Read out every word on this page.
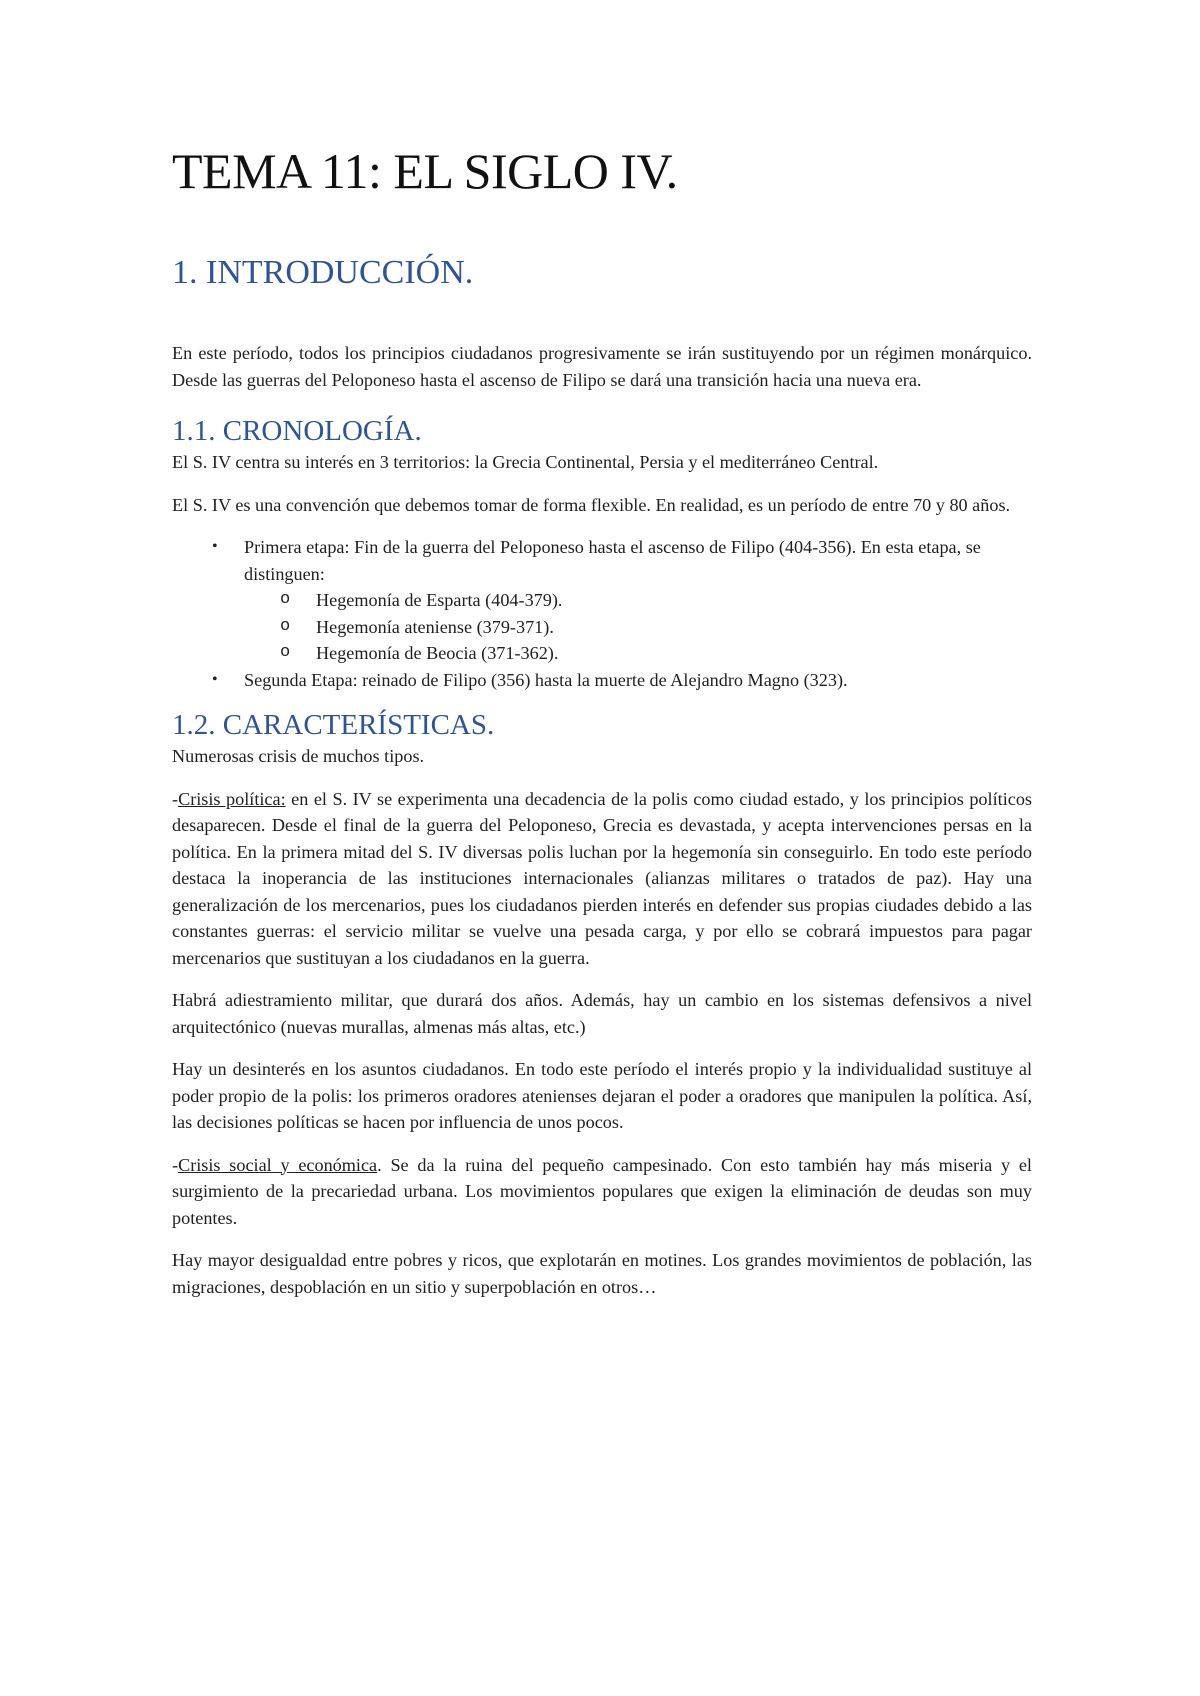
TEMA 11: EL SIGLO IV.
1. INTRODUCCIÓN.

En este período, todos los principios ciudadanos progresivamente se irán sustituyendo por un régimen monárquico. Desde las guerras del Peloponeso hasta el ascenso de Filipo se dará una transición hacia una nueva era.

1.1. CRONOLOGÍA.

El S. IV centra su interés en 3 territorios: la Grecia Continental, Persia y el mediterráneo Central.

El S. IV es una convención que debemos tomar de forma flexible. En realidad, es un período de entre 70 y 80 años.

• Primera etapa: Fin de la guerra del Peloponeso hasta el ascenso de Filipo (404-356). En esta etapa, se distinguen:
o Hegemonía de Esparta (404-379).
o Hegemonía ateniense (379-371).
o Hegemonía de Beocia (371-362).
• Segunda Etapa: reinado de Filipo (356) hasta la muerte de Alejandro Magno (323).
1.2. CARACTERÍSTICAS.

Numerosas crisis de muchos tipos.

-Crisis política: en el S. IV se experimenta una decadencia de la polis como ciudad estado, y los principios políticos desaparecen. Desde el final de la guerra del Peloponeso, Grecia es devastada, y acepta intervenciones persas en la política. En la primera mitad del S. IV diversas polis luchan por la hegemonía sin conseguirlo. En todo este período destaca la inoperancia de las instituciones internacionales (alianzas militares o tratados de paz). Hay una generalización de los mercenarios, pues los ciudadanos pierden interés en defender sus propias ciudades debido a las constantes guerras: el servicio militar se vuelve una pesada carga, y por ello se cobrará impuestos para pagar mercenarios que sustituyan a los ciudadanos en la guerra.

Habrá adiestramiento militar, que durará dos años. Además, hay un cambio en los sistemas defensivos a nivel arquitectónico (nuevas murallas, almenas más altas, etc.)

Hay un desinterés en los asuntos ciudadanos. En todo este período el interés propio y la individualidad sustituye al poder propio de la polis: los primeros oradores atenienses dejaran el poder a oradores que manipulen la política. Así, las decisiones políticas se hacen por influencia de unos pocos.

-Crisis social y económica. Se da la ruina del pequeño campesinado. Con esto también hay más miseria y el surgimiento de la precariedad urbana. Los movimientos populares que exigen la eliminación de deudas son muy potentes.

Hay mayor desigualdad entre pobres y ricos, que explotarán en motines. Los grandes movimientos de población, las migraciones, despoblación en un sitio y superpoblación en otros…
